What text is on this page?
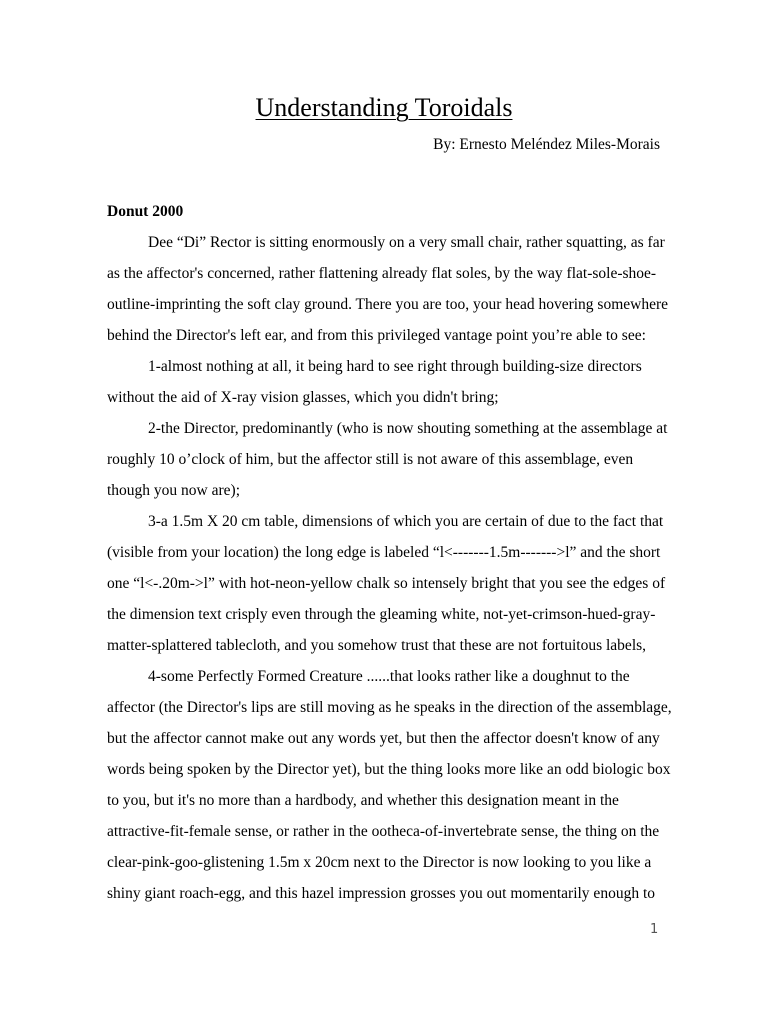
Understanding Toroidals
By: Ernesto Meléndez Miles-Morais

Donut 2000

Dee “Di” Rector is sitting enormously on a very small chair, rather squatting, as far
as the affector's concerned, rather flattening already flat soles, by the way flat-sole-shoe-
outline-imprinting the soft clay ground. There you are too, your head hovering somewhere
behind the Director's left ear, and from this privileged vantage point you’re able to see:

1-almost nothing at all, it being hard to see right through building-size directors
without the aid of X-ray vision glasses, which you didn't bring;

2-the Director, predominantly (who is now shouting something at the assemblage at
roughly 10 o’clock of him, but the affector still is not aware of this assemblage, even
though you now are);

3-a 1.5m X 20 cm table, dimensions of which you are certain of due to the fact that
(visible from your location) the long edge is labeled “l<-------1.5m------->l” and the short
one “l<-.20m->l” with hot-neon-yellow chalk so intensely bright that you see the edges of
the dimension text crisply even through the gleaming white, not-yet-crimson-hued-gray-
matter-splattered tablecloth, and you somehow trust that these are not fortuitous labels,

4-some Perfectly Formed Creature ......that looks rather like a doughnut to the
affector (the Director's lips are still moving as he speaks in the direction of the assemblage,
but the affector cannot make out any words yet, but then the affector doesn't know of any
words being spoken by the Director yet), but the thing looks more like an odd biologic box
to you, but it's no more than a hardbody, and whether this designation meant in the
attractive-fit-female sense, or rather in the ootheca-of-invertebrate sense, the thing on the
clear-pink-goo-glistening 1.5m x 20cm next to the Director is now looking to you like a
shiny giant roach-egg, and this hazel impression grosses you out momentarily enough to

1
